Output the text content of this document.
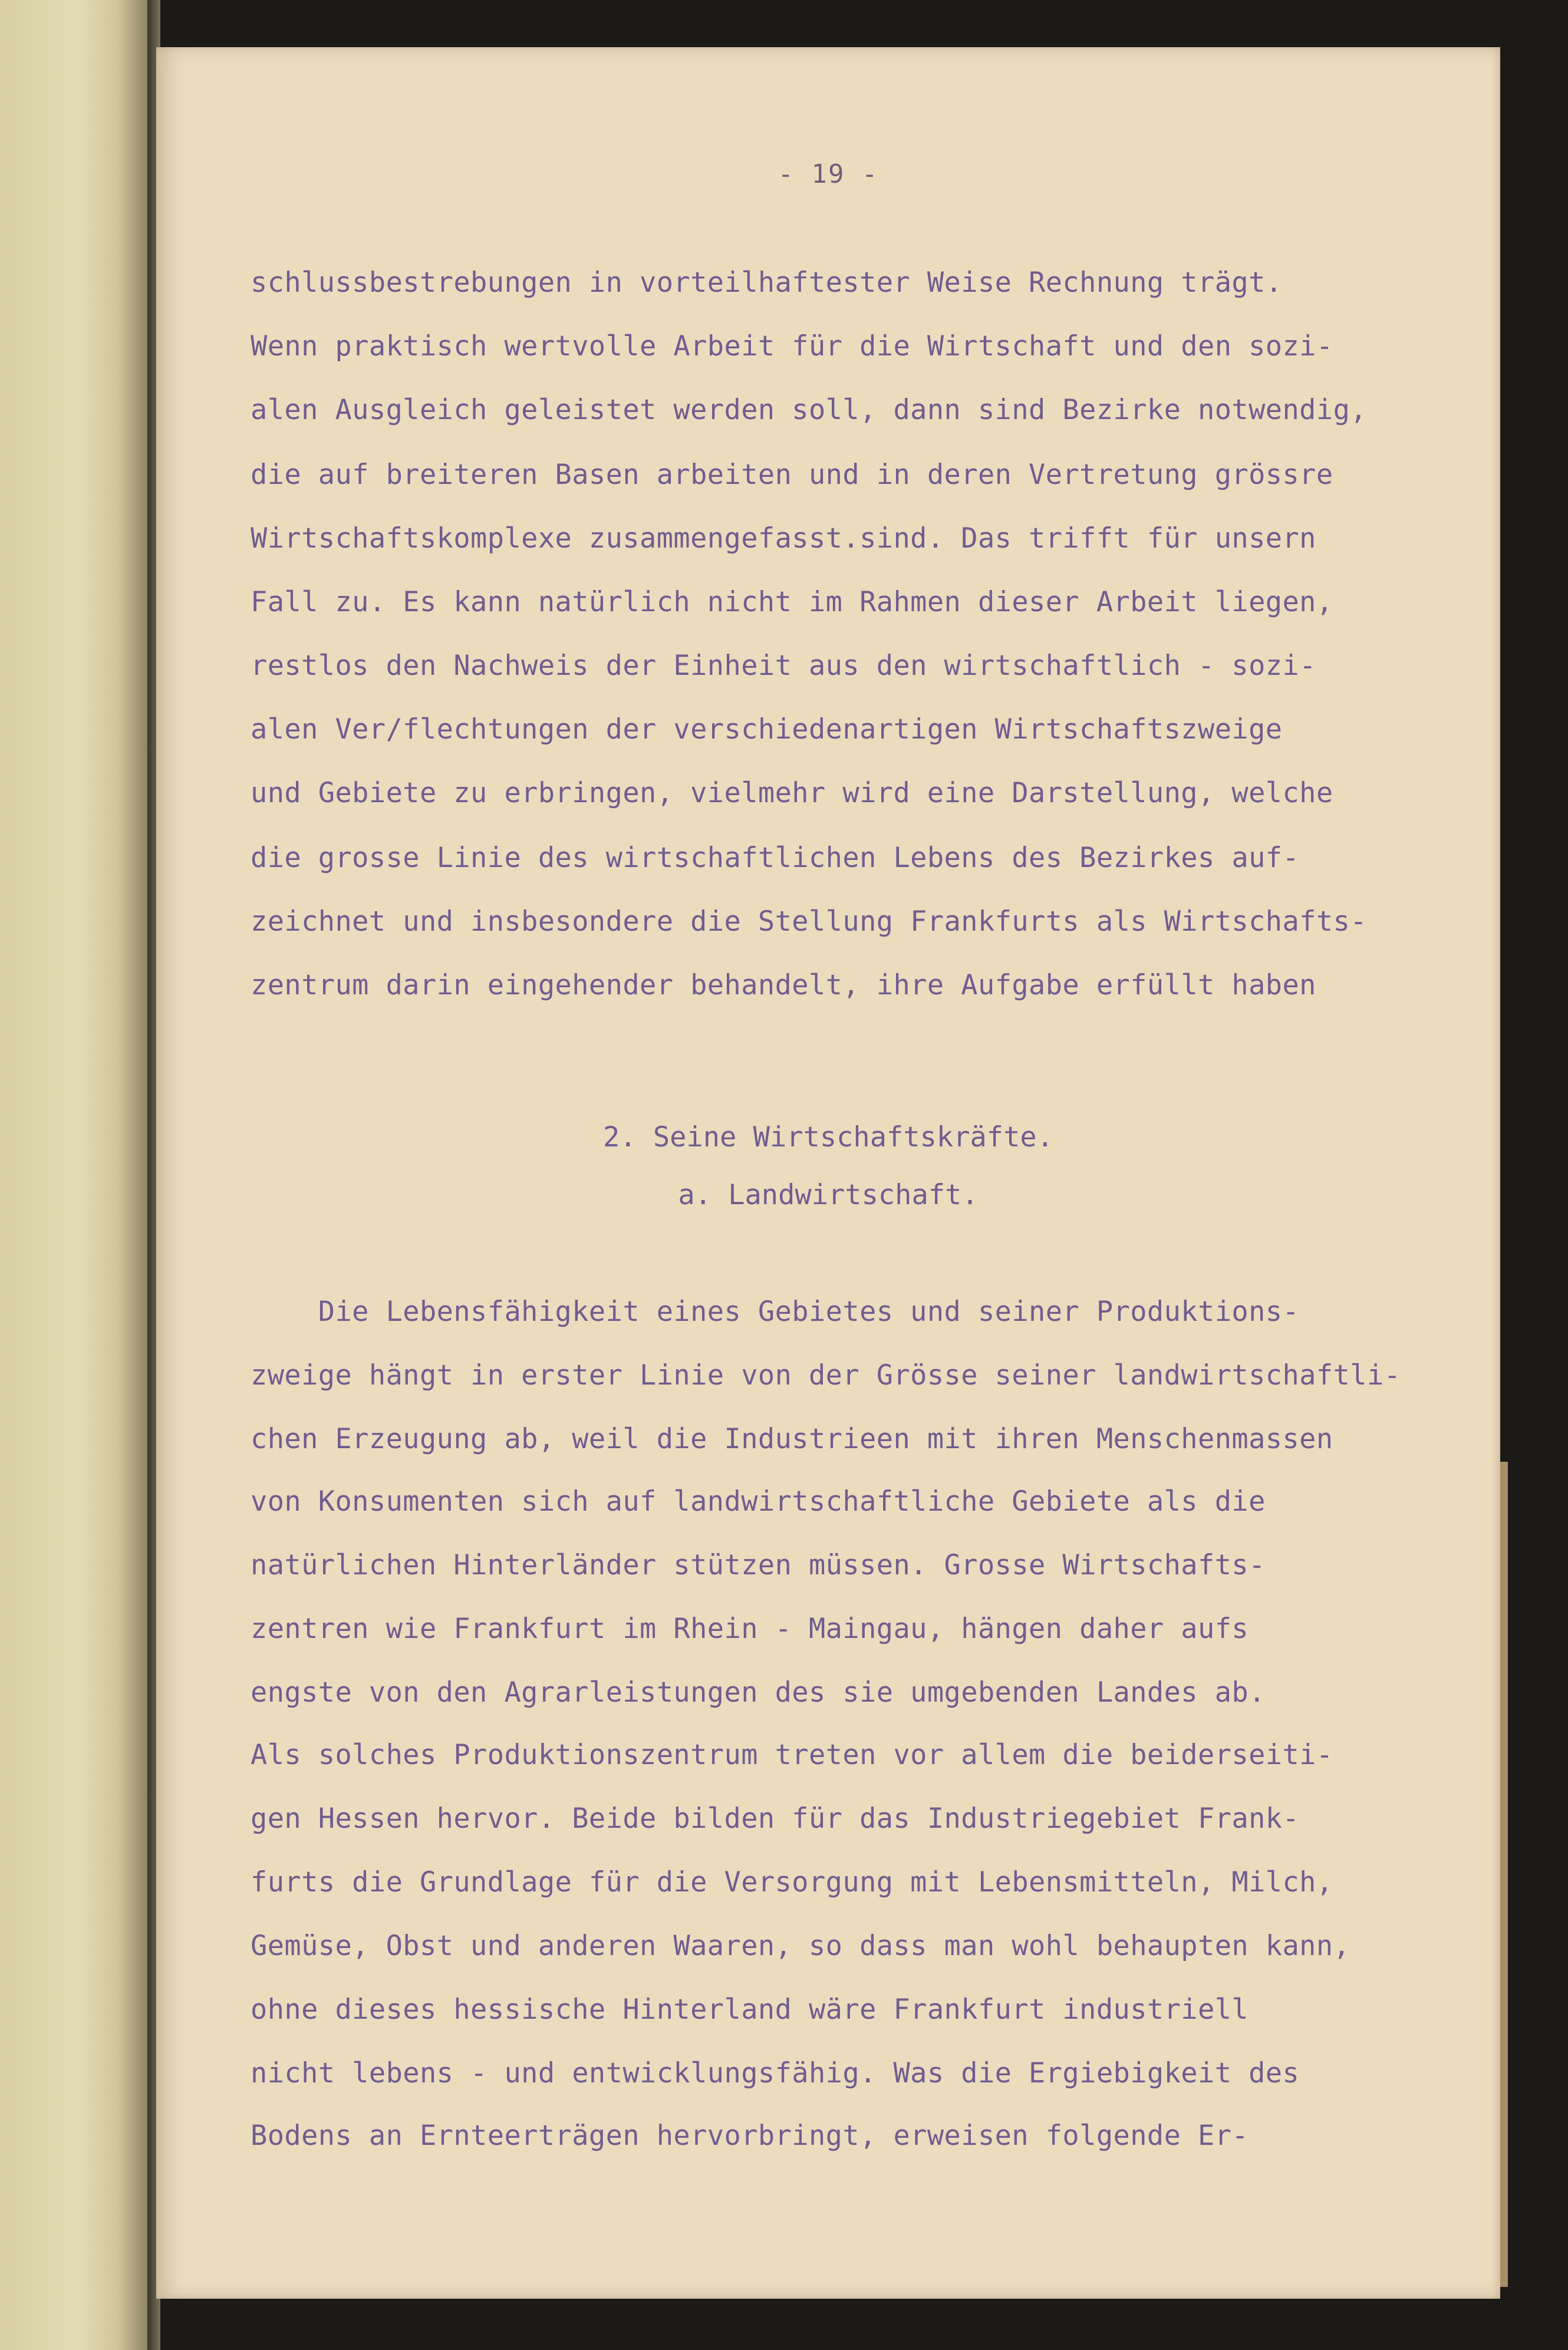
- 19 -
schlussbestrebungen in vorteilhaftester Weise Rechnung trägt.
Wenn praktisch wertvolle Arbeit für die Wirtschaft und den sozi-
alen Ausgleich geleistet werden soll, dann sind Bezirke notwendig,
die auf breiteren Basen arbeiten und in deren Vertretung grössre
Wirtschaftskomplexe zusammengefasst.sind. Das trifft für unsern
Fall zu. Es kann natürlich nicht im Rahmen dieser Arbeit liegen,
restlos den Nachweis der Einheit aus den wirtschaftlich - sozi-
alen Ver/flechtungen der verschiedenartigen Wirtschaftszweige
und Gebiete zu erbringen, vielmehr wird eine Darstellung, welche
die grosse Linie des wirtschaftlichen Lebens des Bezirkes auf-
zeichnet und insbesondere die Stellung Frankfurts als Wirtschafts-
zentrum darin eingehender behandelt, ihre Aufgabe erfüllt haben
2. Seine Wirtschaftskräfte.
a. Landwirtschaft.
Die Lebensfähigkeit eines Gebietes und seiner Produktions-
zweige hängt in erster Linie von der Grösse seiner landwirtschaftli-
chen Erzeugung ab, weil die Industrieen mit ihren Menschenmassen
von Konsumenten sich auf landwirtschaftliche Gebiete als die
natürlichen Hinterländer stützen müssen. Grosse Wirtschafts-
zentren wie Frankfurt im Rhein - Maingau, hängen daher aufs
engste von den Agrarleistungen des sie umgebenden Landes ab.
Als solches Produktionszentrum treten vor allem die beiderseiti-
gen Hessen hervor. Beide bilden für das Industriegebiet Frank-
furts die Grundlage für die Versorgung mit Lebensmitteln, Milch,
Gemüse, Obst und anderen Waaren, so dass man wohl behaupten kann,
ohne dieses hessische Hinterland wäre Frankfurt industriell
nicht lebens - und entwicklungsfähig. Was die Ergiebigkeit des
Bodens an Ernteerträgen hervorbringt, erweisen folgende Er-
